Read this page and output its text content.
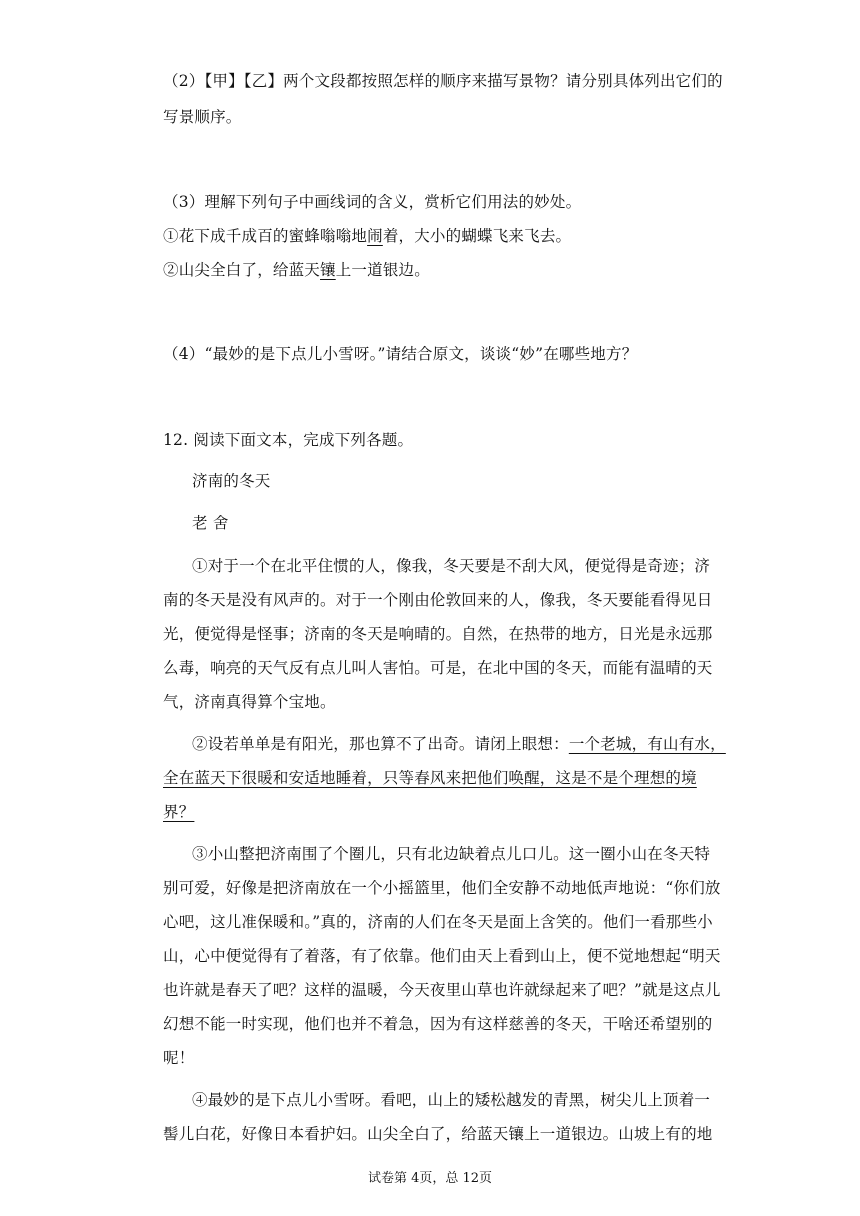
（2）【甲】【乙】两个文段都按照怎样的顺序来描写景物？请分别具体列出它们的
写景顺序。
（3）理解下列句子中画线词的含义，赏析它们用法的妙处。
①花下成千成百的蜜蜂嗡嗡地闹着，大小的蝴蝶飞来飞去。
②山尖全白了，给蓝天镶上一道银边。
（4）“最妙的是下点儿小雪呀。”请结合原文，谈谈“妙”在哪些地方？
12. 阅读下面文本，完成下列各题。
济南的冬天
老 舍
①对于一个在北平住惯的人，像我，冬天要是不刮大风，便觉得是奇迹；济
南的冬天是没有风声的。对于一个刚由伦敦回来的人，像我，冬天要能看得见日
光，便觉得是怪事；济南的冬天是响晴的。自然，在热带的地方，日光是永远那
么毒，响亮的天气反有点儿叫人害怕。可是，在北中国的冬天，而能有温晴的天
气，济南真得算个宝地。
②设若单单是有阳光，那也算不了出奇。请闭上眼想：一个老城，有山有水，
全在蓝天下很暖和安适地睡着，只等春风来把他们唤醒，这是不是个理想的境
界？
③小山整把济南围了个圈儿，只有北边缺着点儿口儿。这一圈小山在冬天特
别可爱，好像是把济南放在一个小摇篮里，他们全安静不动地低声地说：“你们放
心吧，这儿准保暖和。”真的，济南的人们在冬天是面上含笑的。他们一看那些小
山，心中便觉得有了着落，有了依靠。他们由天上看到山上，便不觉地想起“明天
也许就是春天了吧？这样的温暖，今天夜里山草也许就绿起来了吧？”就是这点儿
幻想不能一时实现，他们也并不着急，因为有这样慈善的冬天，干啥还希望别的
呢！
④最妙的是下点儿小雪呀。看吧，山上的矮松越发的青黑，树尖儿上顶着一
髻儿白花，好像日本看护妇。山尖全白了，给蓝天镶上一道银边。山坡上有的地
试卷第 4页，总 12页
